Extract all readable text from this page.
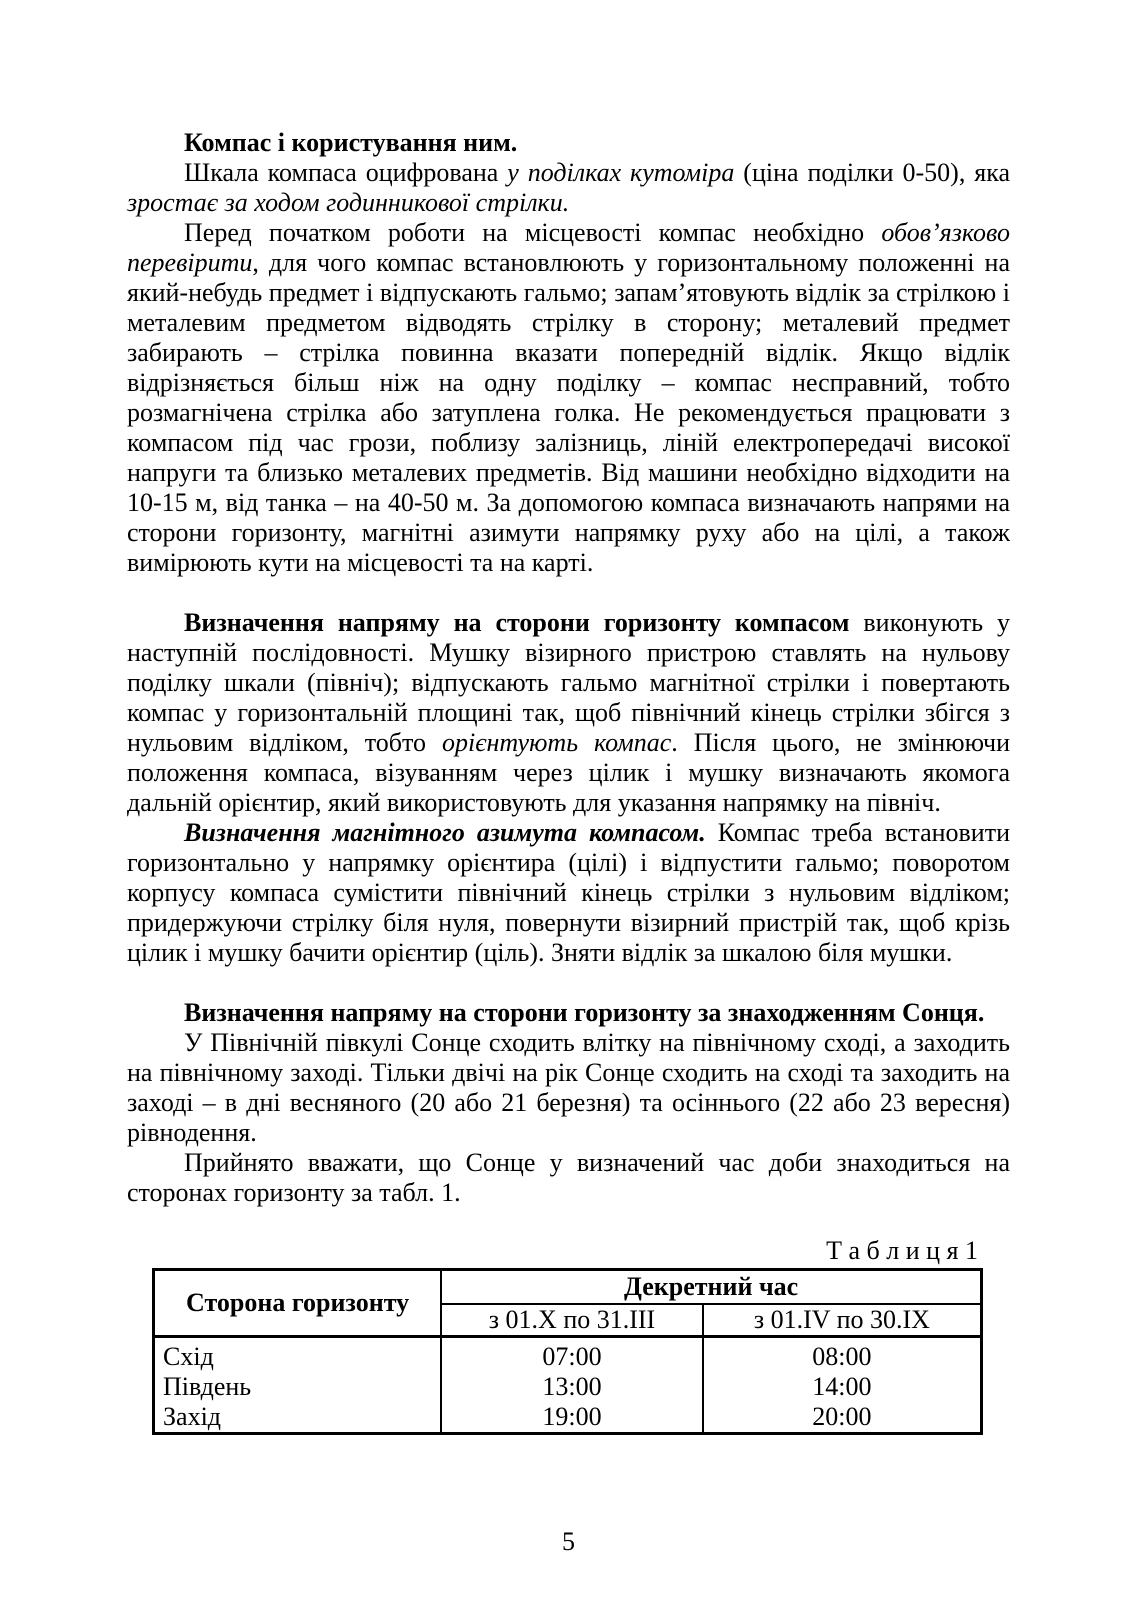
Компас і користування ним.

Шкала компаса оцифрована у поділках кутоміра (ціна поділки 0-50), яка зростає за ходом годинникової стрілки.

Перед початком роботи на місцевості компас необхідно обов’язково перевірити, для чого компас встановлюють у горизонтальному положенні на який-небудь предмет і відпускають гальмо; запам’ятовують відлік за стрілкою і металевим предметом відводять стрілку в сторону; металевий предмет забирають – стрілка повинна вказати попередній відлік. Якщо відлік відрізняється більш ніж на одну поділку – компас несправний, тобто розмагнічена стрілка або затуплена голка. Не рекомендується працювати з компасом під час грози, поблизу залізниць, ліній електропередачі високої напруги та близько металевих предметів. Від машини необхідно відходити на 10-15 м, від танка – на 40-50 м. За допомогою компаса визначають напрями на сторони горизонту, магнітні азимути напрямку руху або на цілі, а також вимірюють кути на місцевості та на карті.

Визначення напряму на сторони горизонту компасом виконують у наступній послідовності. Мушку візирного пристрою ставлять на нульову поділку шкали (північ); відпускають гальмо магнітної стрілки і повертають компас у горизонтальній площині так, щоб північний кінець стрілки збігся з нульовим відліком, тобто орієнтують компас. Після цього, не змінюючи положення компаса, візуванням через цілик і мушку визначають якомога дальній орієнтир, який використовують для указання напрямку на північ.

Визначення магнітного азимута компасом. Компас треба встановити горизонтально у напрямку орієнтира (цілі) і відпустити гальмо; поворотом корпусу компаса сумістити північний кінець стрілки з нульовим відліком; придержуючи стрілку біля нуля, повернути візирний пристрій так, щоб крізь цілик і мушку бачити орієнтир (ціль). Зняти відлік за шкалою біля мушки.

Визначення напряму на сторони горизонту за знаходженням Сонця.

У Північній півкулі Сонце сходить влітку на північному сході, а заходить на північному заході. Тільки двічі на рік Сонце сходить на сході та заходить на заході – в дні весняного (20 або 21 березня) та осіннього (22 або 23 вересня) рівнодення.

Прийнято вважати, що Сонце у визначений час доби знаходиться на сторонах горизонту за табл. 1.

Т а б л и ц я 1

Сторона горизонту	Декретний час	
	з 01.X по 31.III	з 01.IV по 30.IX
Схід	07:00	08:00
Південь	13:00	14:00
Захід	19:00	20:00
5
